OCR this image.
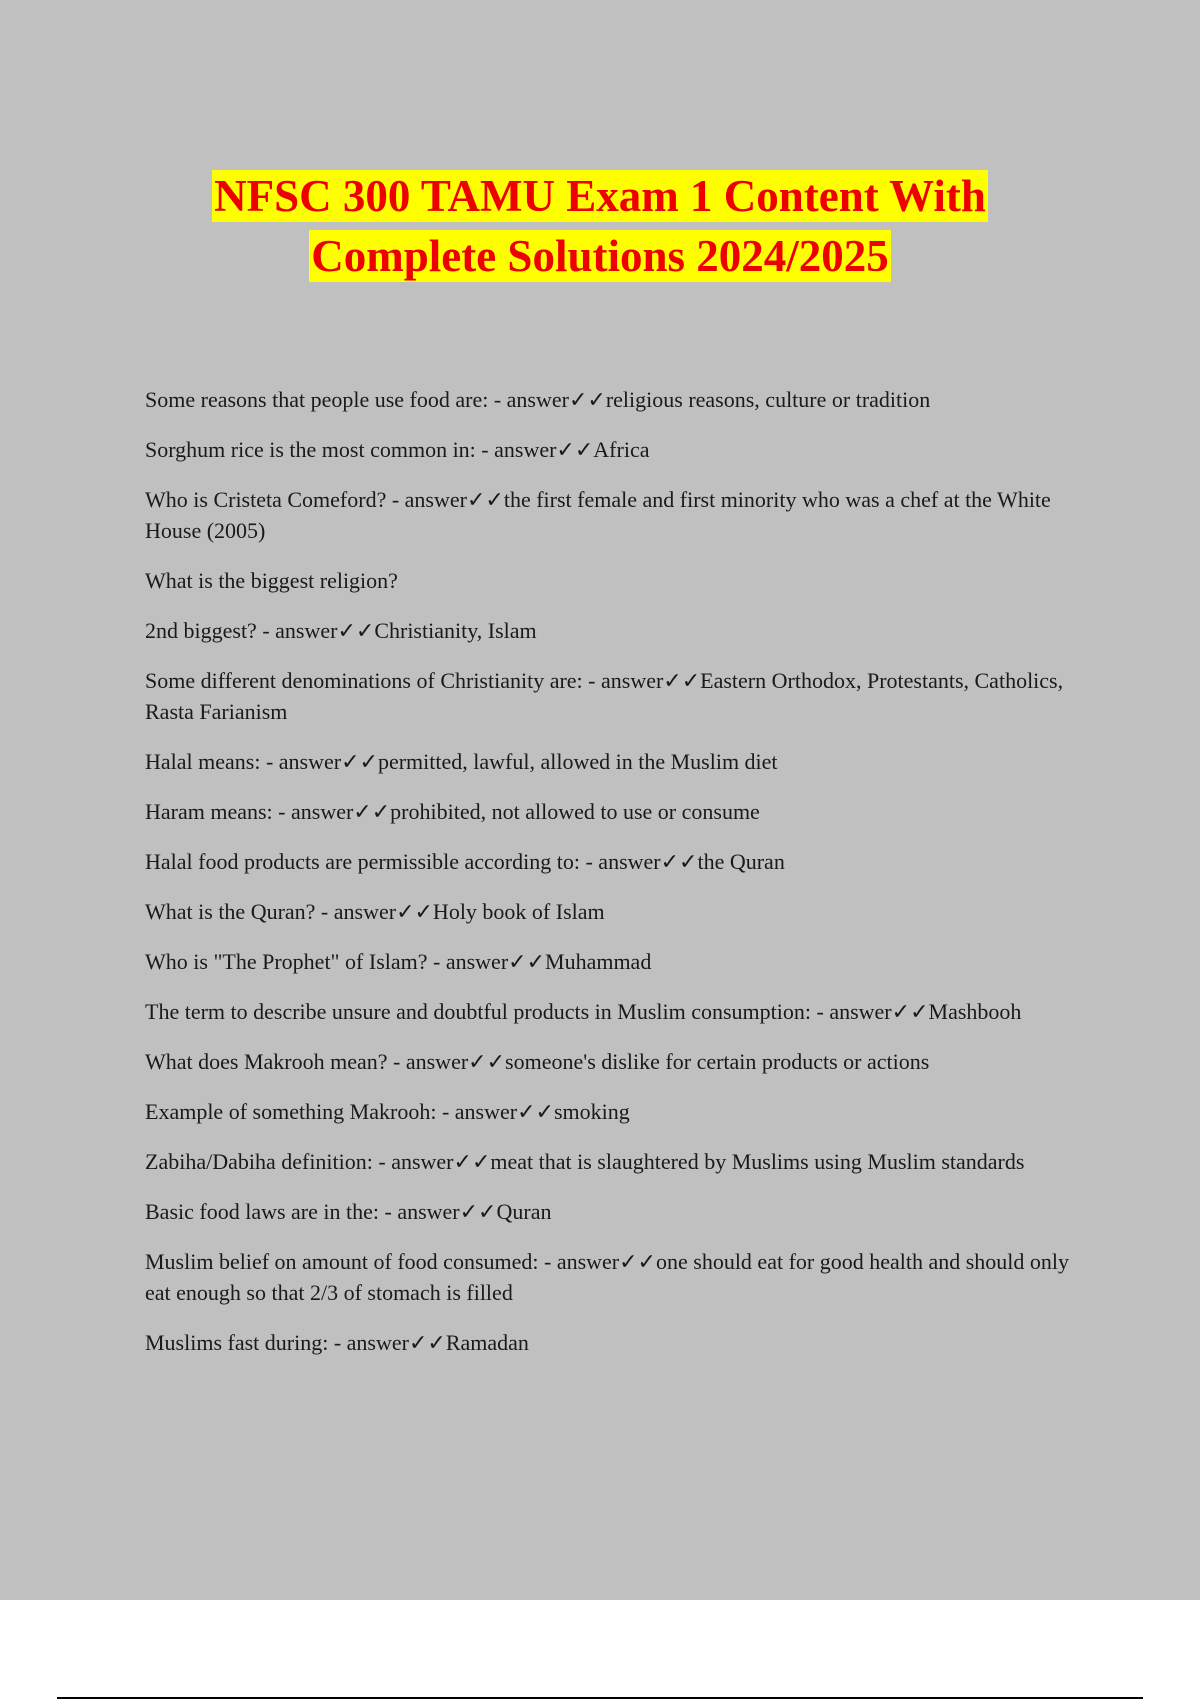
NFSC 300 TAMU Exam 1 Content With
Complete Solutions 2024/2025
Some reasons that people use food are: - answer✓✓religious reasons, culture or tradition
Sorghum rice is the most common in: - answer✓✓Africa
Who is Cristeta Comeford? - answer✓✓the first female and first minority who was a chef at the White House (2005)
What is the biggest religion?
2nd biggest? - answer✓✓Christianity, Islam
Some different denominations of Christianity are: - answer✓✓Eastern Orthodox, Protestants, Catholics, Rasta Farianism
Halal means: - answer✓✓permitted, lawful, allowed in the Muslim diet
Haram means: - answer✓✓prohibited, not allowed to use or consume
Halal food products are permissible according to: - answer✓✓the Quran
What is the Quran? - answer✓✓Holy book of Islam
Who is "The Prophet" of Islam? - answer✓✓Muhammad
The term to describe unsure and doubtful products in Muslim consumption: - answer✓✓Mashbooh
What does Makrooh mean? - answer✓✓someone's dislike for certain products or actions
Example of something Makrooh: - answer✓✓smoking
Zabiha/Dabiha definition: - answer✓✓meat that is slaughtered by Muslims using Muslim standards
Basic food laws are in the: - answer✓✓Quran
Muslim belief on amount of food consumed: - answer✓✓one should eat for good health and should only eat enough so that 2/3 of stomach is filled
Muslims fast during: - answer✓✓Ramadan
